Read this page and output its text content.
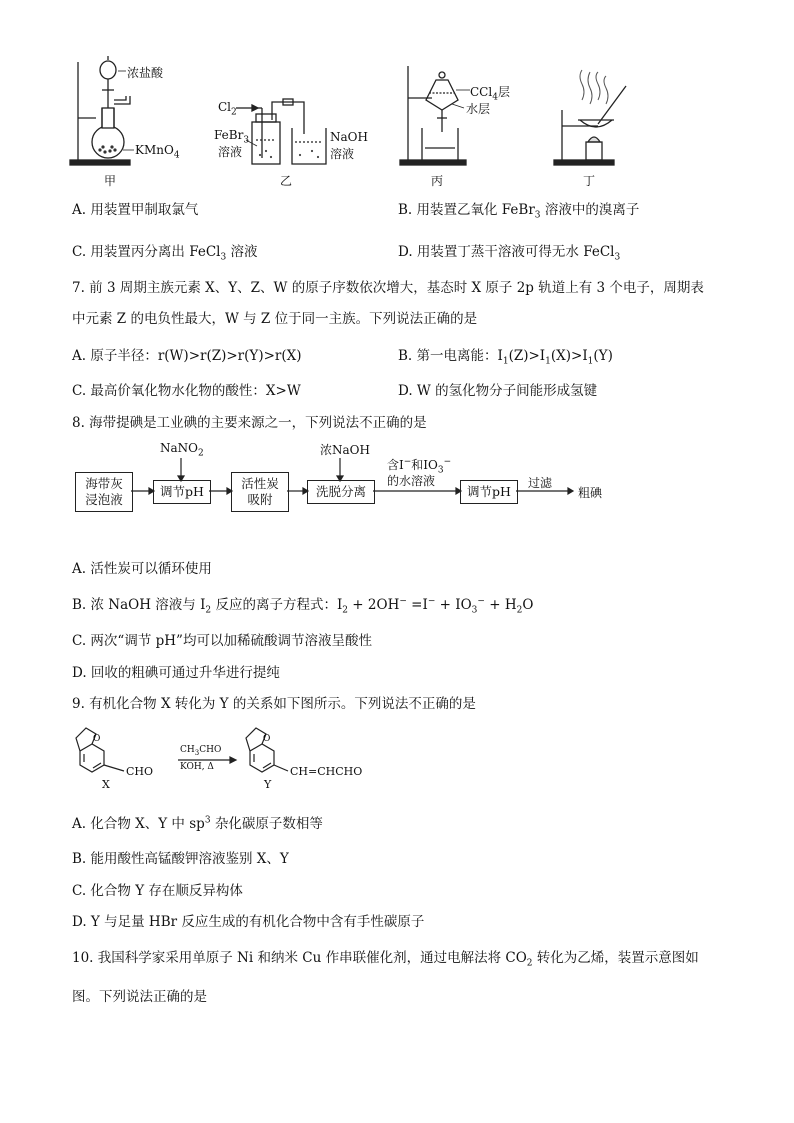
浓盐酸
KMnO$_4$
甲
$Cl_2$
FeBr$_3$
溶液
NaOH
溶液
乙
CCl$_4$层
水层
丙	丁
A. 用装置甲制取氯气	B. 用装置乙氧化 FeBr$_3$ 溶液中的溴离子
C. 用装置丙分离出 FeCl$_3$ 溶液	D. 用装置丁蒸干溶液可得无水 FeCl$_3$
7. 前 3 周期主族元素 X、Y、Z、W 的原子序数依次增大，基态时 X 原子 2p 轨道上有 3 个电子，周期表
中元素 Z 的电负性最大，W 与 Z 位于同一主族。下列说法正确的是
A. 原子半径：r(W)>r(Z)>r(Y)>r(X)	B. 第一电离能：$I_1(Z)>I_1(X)>I_1(Y)$
C. 最高价氧化物水化物的酸性：X>W	D. W 的氢化物分子间能形成氢键
8. 海带提碘是工业碘的主要来源之一，下列说法不正确的是
海带灰
浸泡液
调节pH
活性炭
吸附
洗脱分离	调节pH
NaNO$_2$	浓NaOH
含I−和$IO_3^-$
的水溶液	过滤
粗碘
A. 活性炭可以循环使用
B. 浓 NaOH 溶液与 $I_2$ 反应的离子方程式：$I_2 + 2OH^- =I^- + IO_3^- + H_2O$
C. 两次“调节 pH”均可以加稀硫酸调节溶液呈酸性
D. 回收的粗碘可通过升华进行提纯
9. 有机化合物 X 转化为 Y 的关系如下图所示。下列说法不正确的是
O	O
CHO	CH=CHCHO
X	Y
$CH_3CHO$
KOH, Δ
A. 化合物 X、Y 中 $sp^3$ 杂化碳原子数相等
B. 能用酸性高锰酸钾溶液鉴别 X、Y
C. 化合物 Y 存在顺反异构体
D. Y 与足量 HBr 反应生成的有机化合物中含有手性碳原子
10. 我国科学家采用单原子 Ni 和纳米 Cu 作串联催化剂，通过电解法将 $CO_2$ 转化为乙烯，装置示意图如
图。下列说法正确的是
